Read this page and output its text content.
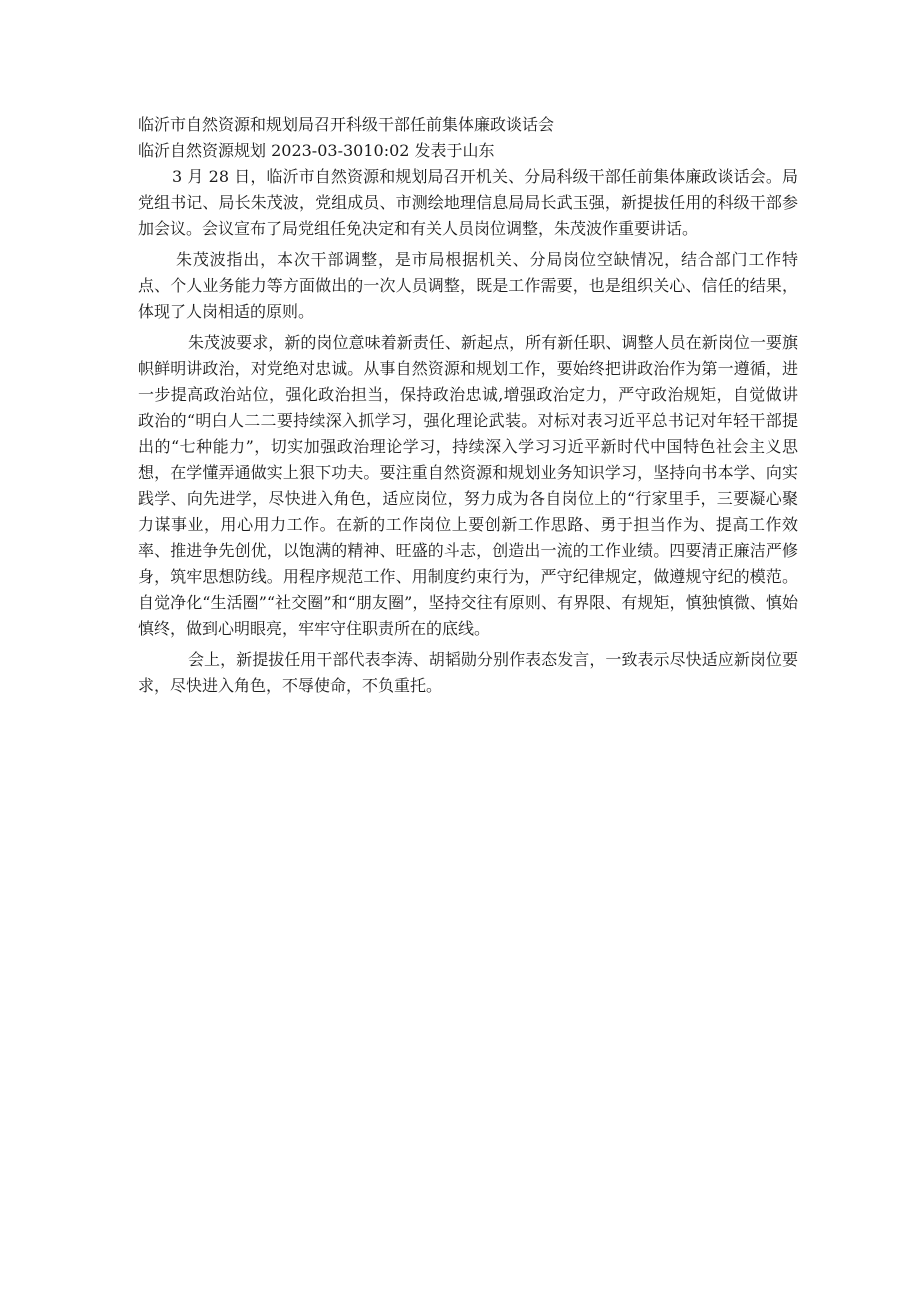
临沂市自然资源和规划局召开科级干部任前集体廉政谈话会

临沂自然资源规划 2023-03-3010:02 发表于山东

3 月 28 日，临沂市自然资源和规划局召开机关、分局科级干部任前集体廉政谈话会。局党组书记、局长朱茂波，党组成员、市测绘地理信息局局长武玉强，新提拔任用的科级干部参加会议。会议宣布了局党组任免决定和有关人员岗位调整，朱茂波作重要讲话。

朱茂波指出，本次干部调整，是市局根据机关、分局岗位空缺情况，结合部门工作特点、个人业务能力等方面做出的一次人员调整，既是工作需要，也是组织关心、信任的结果，体现了人岗相适的原则。

朱茂波要求，新的岗位意味着新责任、新起点，所有新任职、调整人员在新岗位一要旗帜鲜明讲政治，对党绝对忠诚。从事自然资源和规划工作，要始终把讲政治作为第一遵循，进一步提高政治站位，强化政治担当，保持政治忠诚,增强政治定力，严守政治规矩，自觉做讲政治的“明白人二二要持续深入抓学习，强化理论武装。对标对表习近平总书记对年轻干部提出的“七种能力”，切实加强政治理论学习，持续深入学习习近平新时代中国特色社会主义思想，在学懂弄通做实上狠下功夫。要注重自然资源和规划业务知识学习，坚持向书本学、向实践学、向先进学，尽快进入角色，适应岗位，努力成为各自岗位上的“行家里手，三要凝心聚力谋事业，用心用力工作。在新的工作岗位上要创新工作思路、勇于担当作为、提高工作效率、推进争先创优，以饱满的精神、旺盛的斗志，创造出一流的工作业绩。四要清正廉洁严修身，筑牢思想防线。用程序规范工作、用制度约束行为，严守纪律规定，做遵规守纪的模范。自觉净化“生活圈”“社交圈”和“朋友圈”，坚持交往有原则、有界限、有规矩，慎独慎微、慎始慎终，做到心明眼亮，牢牢守住职责所在的底线。

会上，新提拔任用干部代表李涛、胡韬勋分别作表态发言，一致表示尽快适应新岗位要求，尽快进入角色，不辱使命，不负重托。
